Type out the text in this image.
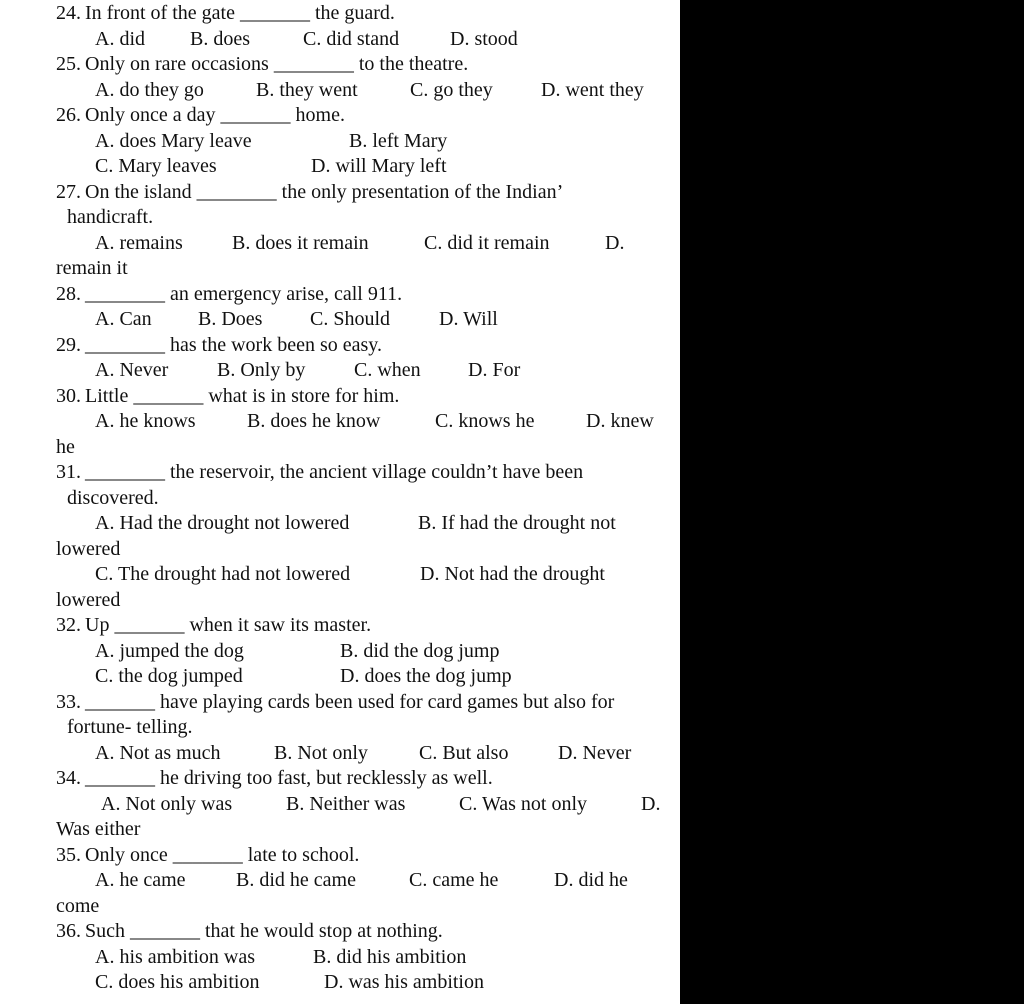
24.

In front of the gate _______ the guard.

A. did

B. does

	C. did stand

	D. stood

25.

Only on rare occasions ________ to the theatre.

A. do they go

	B. they went

	C. go they

D. went they

26.

Only once a day _______ home.

A. does Mary leave

	B. left Mary

C. Mary leaves

	D. will Mary left

27.

On the island ________ the only presentation of the Indian’

handicraft.

A. remains

B. does it remain

	C. did it remain

	D.

remain it

28.

________ an emergency arise, call 911.

A. Can

B. Does

C. Should

D. Will

29.

________ has the work been so easy.

A. Never

B. Only by

C. when

D. For

30.

Little _______ what is in store for him.

A. he knows

	B. does he know

	C. knows he

	D. knew

he

31.

________ the reservoir, the ancient village couldn’t have been

discovered.

A. Had the drought not lowered

	B. If had the drought not

lowered

C. The drought had not lowered

	D. Not had the drought

lowered

32.

Up _______ when it saw its master.

A. jumped the dog

	B. did the dog jump

C. the dog jumped

	D. does the dog jump

33.

_______ have playing cards been used for card games but also for

fortune- telling.

A. Not as much

	B. Not only

	C. But also

D. Never

34.

_______ he driving too fast, but recklessly as well.

A. Not only was

	B. Neither was

	C. Was not only

	D.

Was either

35.

Only once _______ late to school.

A. he came

	B. did he came

	C. came he

	D. did he

come

36.

Such _______ that he would stop at nothing.

A. his ambition was

	B. did his ambition

C. does his ambition

	D. was his ambition
